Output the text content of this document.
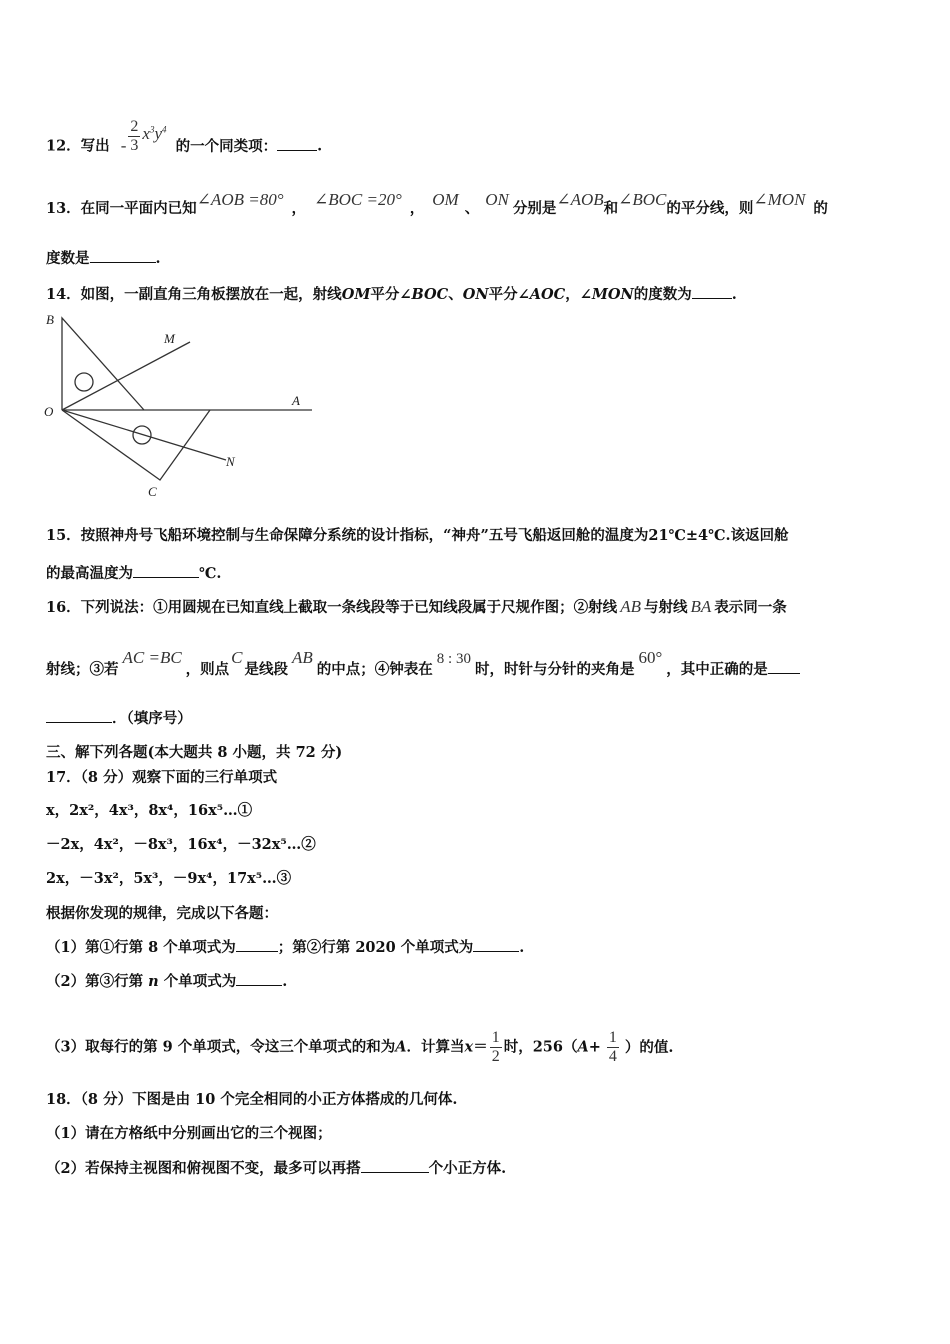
12．写出 - $\frac{2}{3} x^3y^4$ 的一个同类项：	.
13．在同一平面内已知∠AOB =80° ， ∠BOC =20° ， OM 、 ON 分别是∠AOB和∠BOC的平分线，则∠MON 的
度数是	.
14．如图，一副直角三角板摆放在一起，射线OM平分∠BOC、ON平分∠AOC，∠MON的度数为	.
B
M
O
A
N
C
15．按照神舟号飞船环境控制与生命保障分系统的设计指标，“神舟”五号飞船返回舱的温度为21℃±4℃.该返回舱
的最高温度为	℃.
16．下列说法：①用圆规在已知直线上截取一条线段等于已知线段属于尺规作图；②射线 AB 与射线 BA 表示同一条
射线；③若AC =BC，则点C是线段AB的中点；④钟表在8 : 30时，时针与分针的夹角是60°，其中正确的是
．（填序号）
三、解下列各题(本大题共 8 小题，共 72 分)
17．（8 分）观察下面的三行单项式
x，2x²，4x³，8x⁴，16x⁵…①
－2x，4x²，－8x³，16x⁴，－32x⁵…②
2x，－3x²，5x³，－9x⁴，17x⁵…③
根据你发现的规律，完成以下各题：
（1）第①行第 8 个单项式为	；第②行第 2020 个单项式为	.
（2）第③行第 n 个单项式为	.
（3）取每行的第 9 个单项式，令这三个单项式的和为A．计算当$x= \frac{1}{2}$ 时，$256(A+ \frac{1}{4}$ ）的值.
18．（8 分）下图是由 10 个完全相同的小正方体搭成的几何体.
（1）请在方格纸中分别画出它的三个视图；
（2）若保持主视图和俯视图不变，最多可以再搭	个小正方体.
